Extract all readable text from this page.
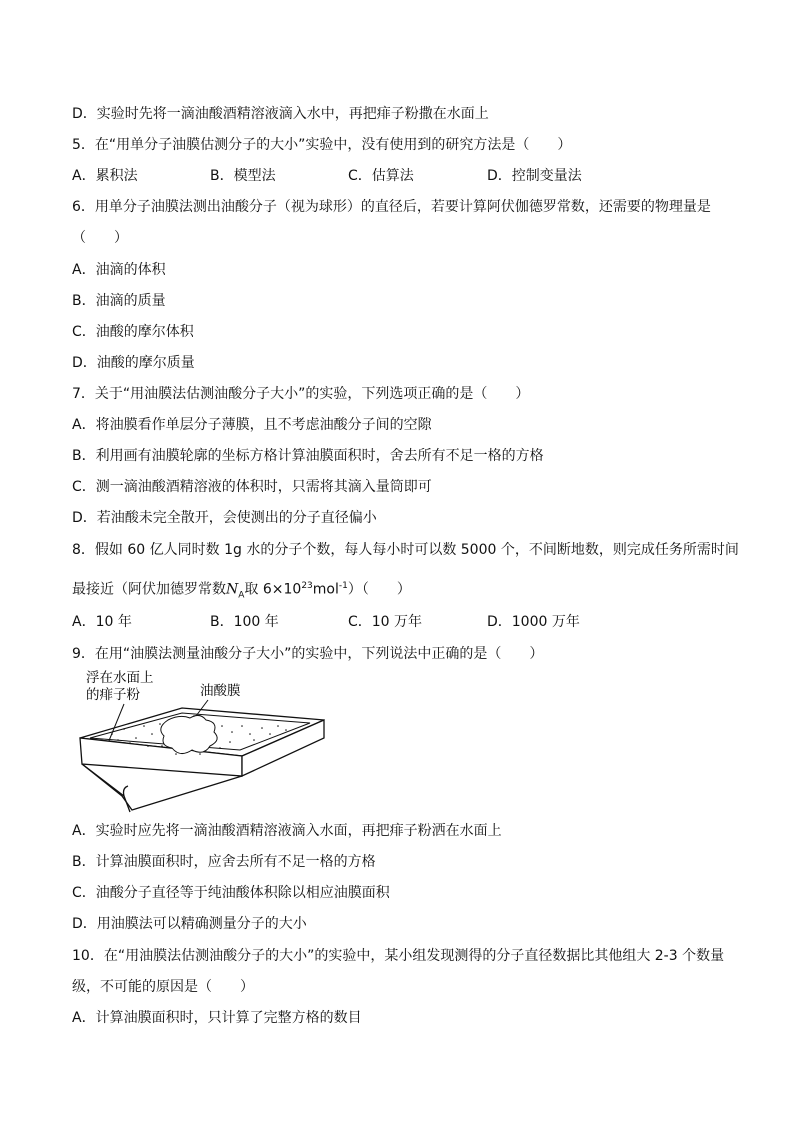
D．实验时先将一滴油酸酒精溶液滴入水中，再把痱子粉撒在水面上
5．在“用单分子油膜估测分子的大小”实验中，没有使用到的研究方法是（　　）
A．累积法	B．模型法	C．估算法	D．控制变量法
6．用单分子油膜法测出油酸分子（视为球形）的直径后，若要计算阿伏伽德罗常数，还需要的物理量是
（　　）
A．油滴的体积
B．油滴的质量
C．油酸的摩尔体积
D．油酸的摩尔质量
7．关于“用油膜法估测油酸分子大小”的实验，下列选项正确的是（　　）
A．将油膜看作单层分子薄膜，且不考虑油酸分子间的空隙
B．利用画有油膜轮廓的坐标方格计算油膜面积时，舍去所有不足一格的方格
C．测一滴油酸酒精溶液的体积时，只需将其滴入量筒即可
D．若油酸未完全散开，会使测出的分子直径偏小
8．假如 60 亿人同时数 1g 水的分子个数，每人每小时可以数 5000 个，不间断地数，则完成任务所需时间
最接近（阿伏加德罗常数$N_A$取 $6\times 10^{23}mol^{-1}$）（　　）
A．10 年	B．100 年	C．10 万年	D．1000 万年
9．在用“油膜法测量油酸分子大小”的实验中，下列说法中正确的是（　　）
浮在水面上
的痱子粉	油酸膜
A．实验时应先将一滴油酸酒精溶液滴入水面，再把痱子粉洒在水面上
B．计算油膜面积时，应舍去所有不足一格的方格
C．油酸分子直径等于纯油酸体积除以相应油膜面积
D．用油膜法可以精确测量分子的大小
10．在“用油膜法估测油酸分子的大小”的实验中，某小组发现测得的分子直径数据比其他组大 2-3 个数量
级，不可能的原因是（　　）
A．计算油膜面积时，只计算了完整方格的数目
